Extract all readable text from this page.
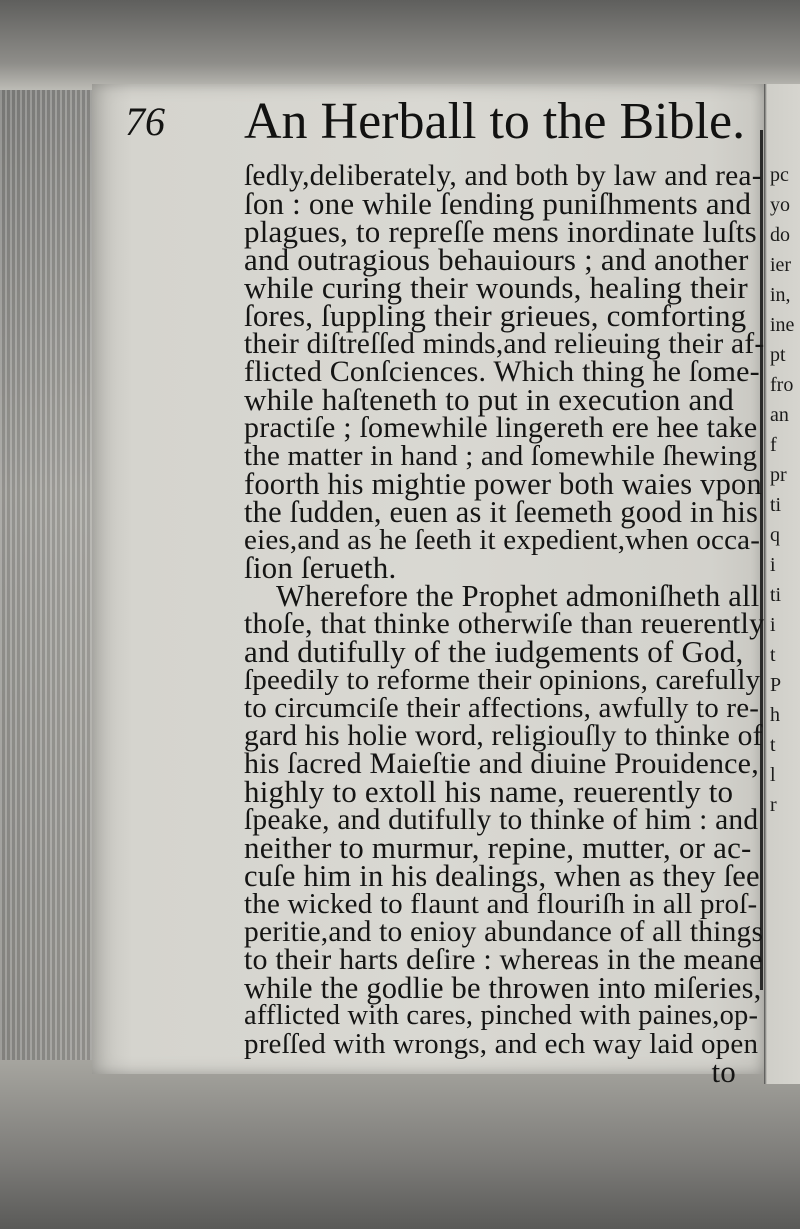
pc
yo
do
ier
in,
ine
pt
fro
an
f
pr
ti
q
i
ti
i
t
P
h
t
l
r
76 An Herball to the Bible.
ſedly,deliberately, and both by law and rea-
ſon : one while ſending puniſhments and
plagues, to repreſſe mens inordinate luſts
and outragious behauiours ; and another
while curing their wounds, healing their
ſores, ſuppling their grieues, comforting
their diſtreſſed minds,and relieuing their af-
flicted Conſciences. Which thing he ſome-
while haſteneth to put in execution and
practiſe ; ſomewhile lingereth ere hee take
the matter in hand ; and ſomewhile ſhewing
foorth his mightie power both waies vpon
the ſudden, euen as it ſeemeth good in his
eies,and as he ſeeth it expedient,when occa-
ſion ſerueth.
Wherefore the Prophet admoniſheth all
thoſe, that thinke otherwiſe than reuerently
and dutifully of the iudgements of God,
ſpeedily to reforme their opinions, carefully
to circumciſe their affections, awfully to re-
gard his holie word, religiouſly to thinke of
his ſacred Maieſtie and diuine Prouidence,
highly to extoll his name, reuerently to
ſpeake, and dutifully to thinke of him : and
neither to murmur, repine, mutter, or ac-
cuſe him in his dealings, when as they ſee
the wicked to flaunt and flouriſh in all proſ-
peritie,and to enioy abundance of all things
to their harts deſire : whereas in the meane
while the godlie be throwen into miſeries,
afflicted with cares, pinched with paines,op-
preſſed with wrongs, and ech way laid open
to
